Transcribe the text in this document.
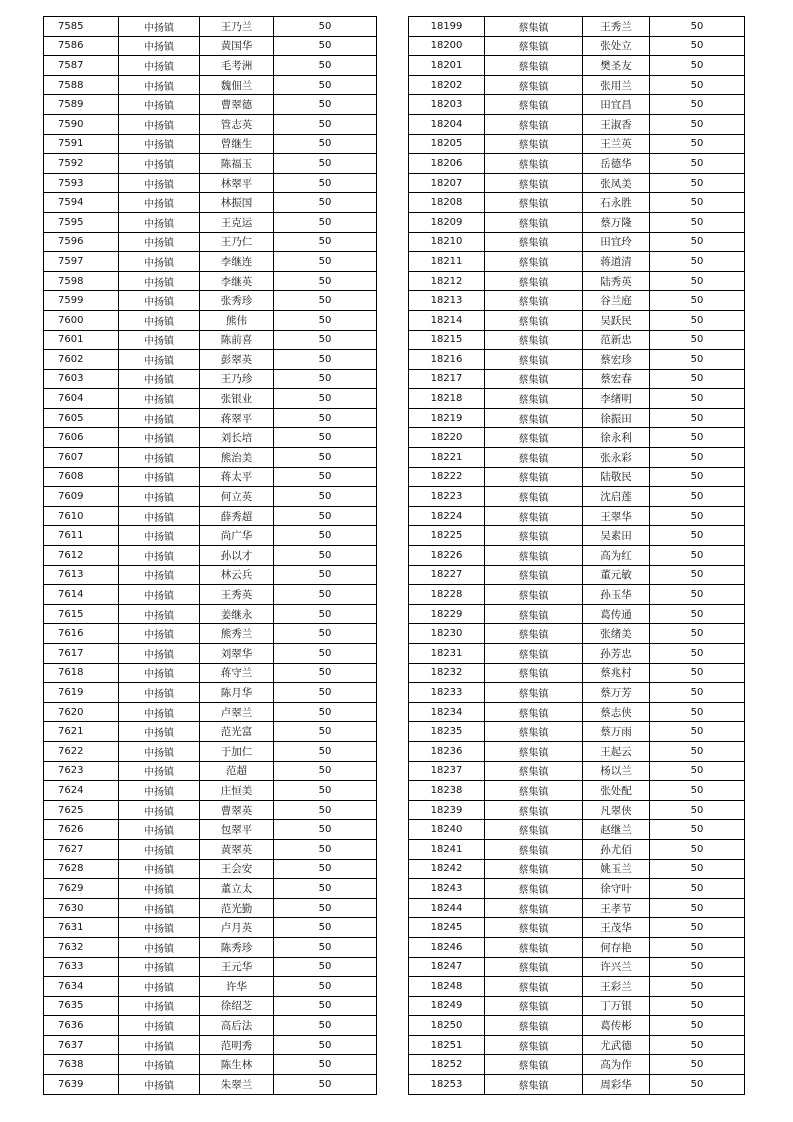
7585	中扬镇	王乃兰	50
7586	中扬镇	黄国华	50
7587	中扬镇	毛考洲	50
7588	中扬镇	魏佃兰	50
7589	中扬镇	曹翠德	50
7590	中扬镇	管志英	50
7591	中扬镇	曾继生	50
7592	中扬镇	陈福玉	50
7593	中扬镇	林翠平	50
7594	中扬镇	林振国	50
7595	中扬镇	王克运	50
7596	中扬镇	王乃仁	50
7597	中扬镇	李继连	50
7598	中扬镇	李继英	50
7599	中扬镇	张秀珍	50
7600	中扬镇	熊伟	50
7601	中扬镇	陈前喜	50
7602	中扬镇	彭翠英	50
7603	中扬镇	王乃珍	50
7604	中扬镇	张银业	50
7605	中扬镇	蒋翠平	50
7606	中扬镇	刘长培	50
7607	中扬镇	熊治美	50
7608	中扬镇	蒋太平	50
7609	中扬镇	何立英	50
7610	中扬镇	薛秀超	50
7611	中扬镇	尚广华	50
7612	中扬镇	孙以才	50
7613	中扬镇	林云兵	50
7614	中扬镇	王秀英	50
7615	中扬镇	姜继永	50
7616	中扬镇	熊秀兰	50
7617	中扬镇	刘翠华	50
7618	中扬镇	蒋守兰	50
7619	中扬镇	陈月华	50
7620	中扬镇	卢翠兰	50
7621	中扬镇	范光富	50
7622	中扬镇	于加仁	50
7623	中扬镇	范超	50
7624	中扬镇	庄恒美	50
7625	中扬镇	曹翠英	50
7626	中扬镇	包翠平	50
7627	中扬镇	黄翠英	50
7628	中扬镇	王会安	50
7629	中扬镇	董立太	50
7630	中扬镇	范光勤	50
7631	中扬镇	卢月英	50
7632	中扬镇	陈秀珍	50
7633	中扬镇	王元华	50
7634	中扬镇	许华	50
7635	中扬镇	徐绍芝	50
7636	中扬镇	高后法	50
7637	中扬镇	范明秀	50
7638	中扬镇	陈生林	50
7639	中扬镇	朱翠兰	50
18199	蔡集镇	王秀兰	50
18200	蔡集镇	张处立	50
18201	蔡集镇	樊圣友	50
18202	蔡集镇	张用兰	50
18203	蔡集镇	田宜昌	50
18204	蔡集镇	王淑香	50
18205	蔡集镇	王兰英	50
18206	蔡集镇	岳德华	50
18207	蔡集镇	张凤美	50
18208	蔡集镇	石永胜	50
18209	蔡集镇	蔡万隆	50
18210	蔡集镇	田宜玲	50
18211	蔡集镇	蒋道清	50
18212	蔡集镇	陆秀英	50
18213	蔡集镇	谷兰庭	50
18214	蔡集镇	吴跃民	50
18215	蔡集镇	范新忠	50
18216	蔡集镇	蔡宏珍	50
18217	蔡集镇	蔡宏春	50
18218	蔡集镇	李绪明	50
18219	蔡集镇	徐振田	50
18220	蔡集镇	徐永利	50
18221	蔡集镇	张永彩	50
18222	蔡集镇	陆敬民	50
18223	蔡集镇	沈启莲	50
18224	蔡集镇	王翠华	50
18225	蔡集镇	吴素田	50
18226	蔡集镇	高为红	50
18227	蔡集镇	董元敏	50
18228	蔡集镇	孙玉华	50
18229	蔡集镇	葛传通	50
18230	蔡集镇	张绪美	50
18231	蔡集镇	孙芳忠	50
18232	蔡集镇	蔡兆村	50
18233	蔡集镇	蔡万芳	50
18234	蔡集镇	蔡志侠	50
18235	蔡集镇	蔡万雨	50
18236	蔡集镇	王起云	50
18237	蔡集镇	杨以兰	50
18238	蔡集镇	张处配	50
18239	蔡集镇	凡翠侠	50
18240	蔡集镇	赵继兰	50
18241	蔡集镇	孙尤佰	50
18242	蔡集镇	姚玉兰	50
18243	蔡集镇	徐守叶	50
18244	蔡集镇	王孝节	50
18245	蔡集镇	王茂华	50
18246	蔡集镇	何存艳	50
18247	蔡集镇	许兴兰	50
18248	蔡集镇	王彩兰	50
18249	蔡集镇	丁万银	50
18250	蔡集镇	葛传彬	50
18251	蔡集镇	尤武德	50
18252	蔡集镇	高为作	50
18253	蔡集镇	周彩华	50
